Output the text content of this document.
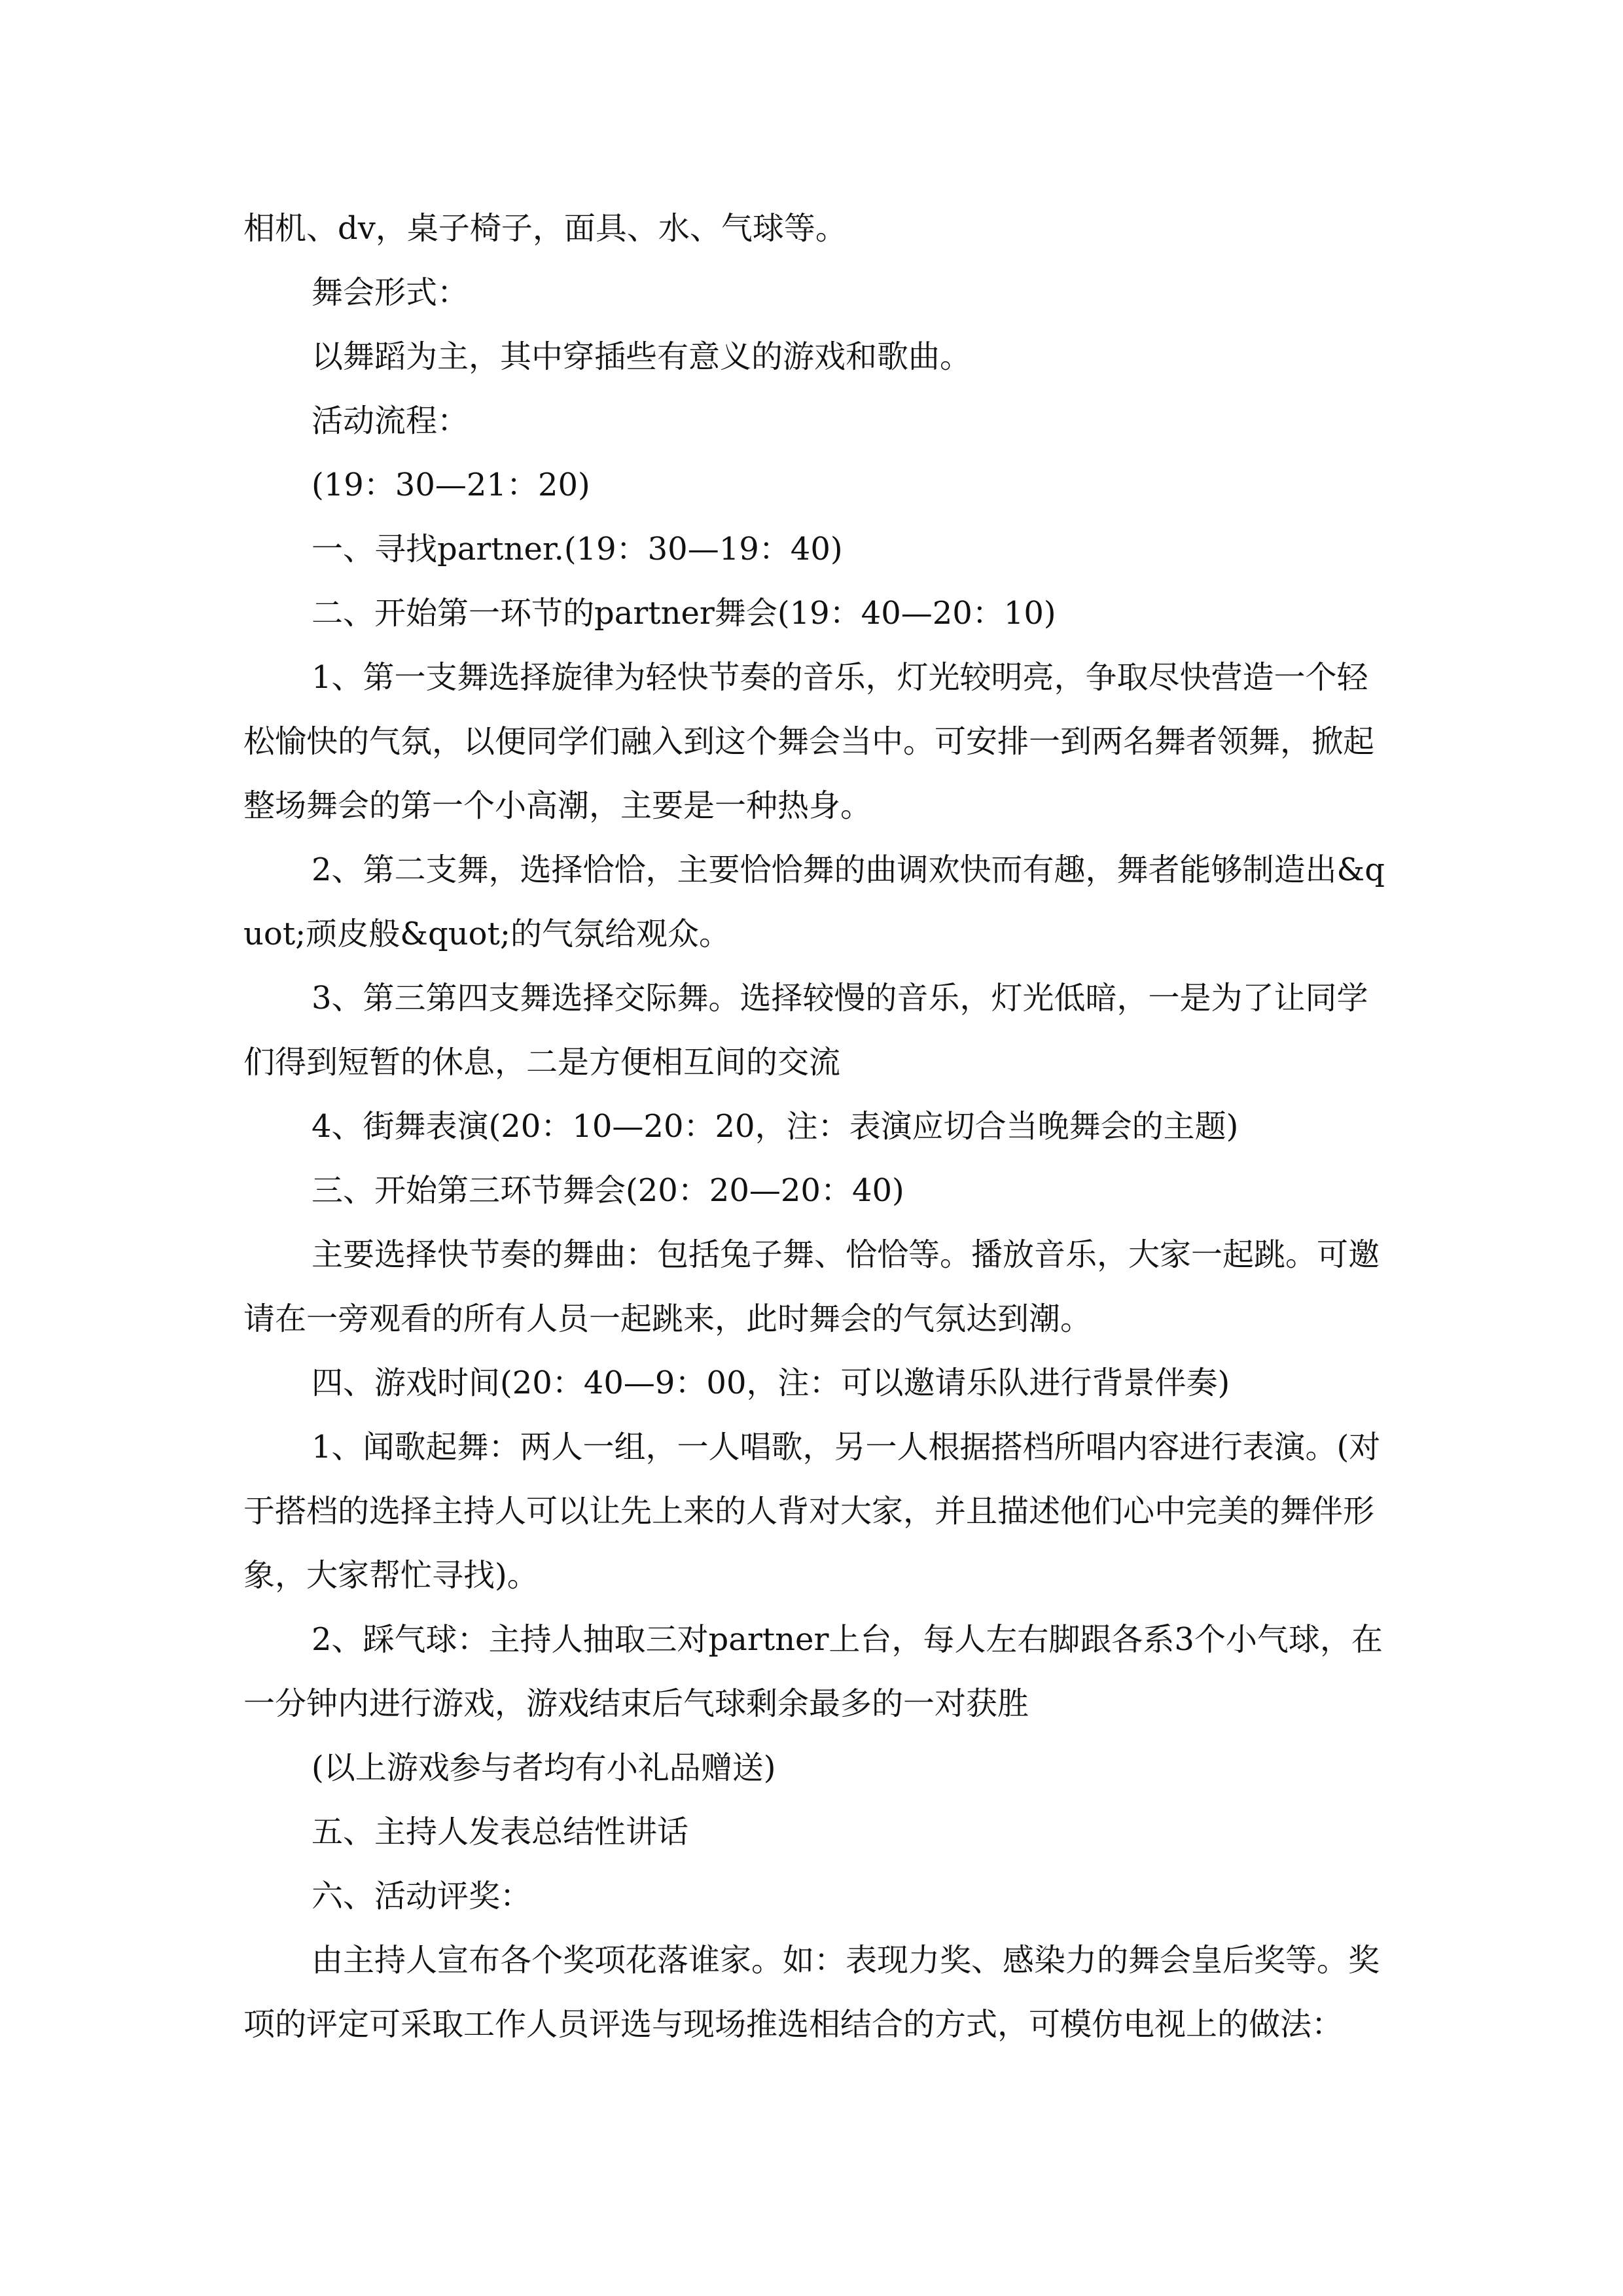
相机、dv，桌子椅子，面具、水、气球等。

舞会形式：

以舞蹈为主，其中穿插些有意义的游戏和歌曲。

活动流程：

(19：30—21：20)

一、寻找partner.(19：30—19：40)

二、开始第一环节的partner舞会(19：40—20：10)

1、第一支舞选择旋律为轻快节奏的音乐，灯光较明亮，争取尽快营造一个轻松愉快的气氛，以便同学们融入到这个舞会当中。可安排一到两名舞者领舞，掀起整场舞会的第一个小高潮，主要是一种热身。

2、第二支舞，选择恰恰，主要恰恰舞的曲调欢快而有趣，舞者能够制造出&quot;顽皮般&quot;的气氛给观众。

3、第三第四支舞选择交际舞。选择较慢的音乐，灯光低暗，一是为了让同学们得到短暂的休息，二是方便相互间的交流

4、街舞表演(20：10—20：20，注：表演应切合当晚舞会的主题)

三、开始第三环节舞会(20：20—20：40)

主要选择快节奏的舞曲：包括兔子舞、恰恰等。播放音乐，大家一起跳。可邀请在一旁观看的所有人员一起跳来，此时舞会的气氛达到潮。

四、游戏时间(20：40—9：00，注：可以邀请乐队进行背景伴奏)

1、闻歌起舞：两人一组，一人唱歌，另一人根据搭档所唱内容进行表演。(对于搭档的选择主持人可以让先上来的人背对大家，并且描述他们心中完美的舞伴形象，大家帮忙寻找)。

2、踩气球：主持人抽取三对partner上台，每人左右脚跟各系3个小气球，在一分钟内进行游戏，游戏结束后气球剩余最多的一对获胜

(以上游戏参与者均有小礼品赠送)

五、主持人发表总结性讲话

六、活动评奖：

由主持人宣布各个奖项花落谁家。如：表现力奖、感染力的舞会皇后奖等。奖项的评定可采取工作人员评选与现场推选相结合的方式，可模仿电视上的做法：
